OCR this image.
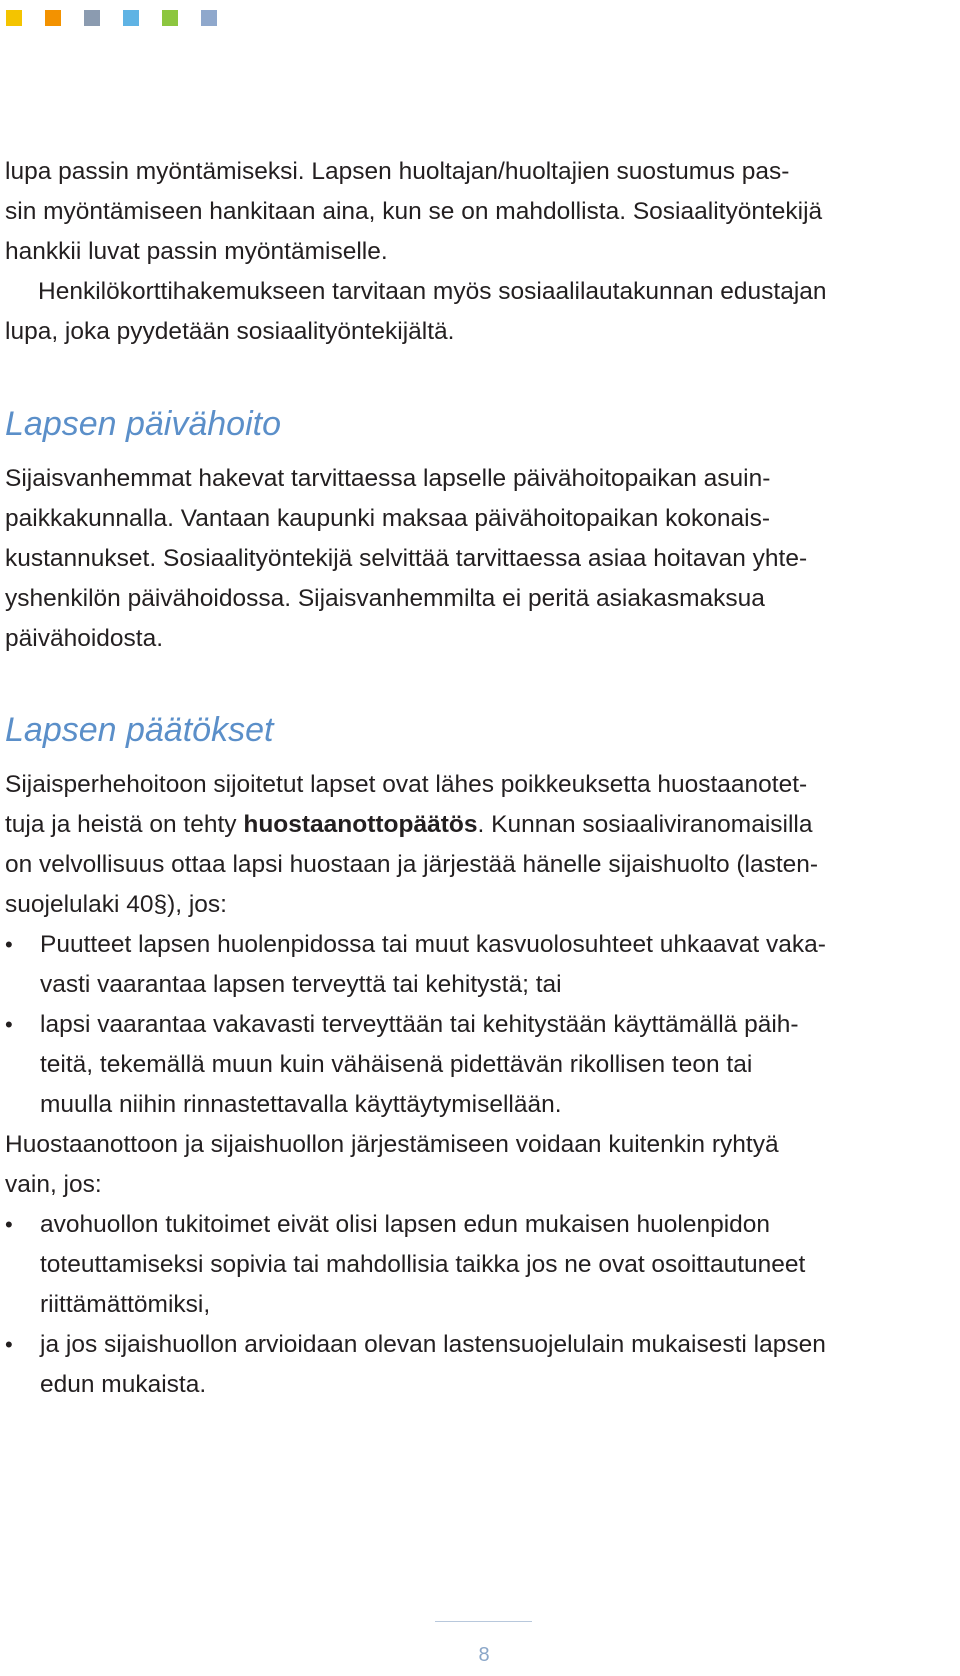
lupa passin myöntämiseksi. Lapsen huoltajan/huoltajien suostumus pas-

sin myöntämiseen hankitaan aina, kun se on mahdollista. Sosiaalityöntekijä

hankkii luvat passin myöntämiselle.

Henkilökorttihakemukseen tarvitaan myös sosiaalilautakunnan edustajan

lupa, joka pyydetään sosiaalityöntekijältä.

Lapsen päivähoito

Sijaisvanhemmat hakevat tarvittaessa lapselle päivähoitopaikan asuin-

paikkakunnalla. Vantaan kaupunki maksaa päivähoitopaikan kokonais-

kustannukset. Sosiaalityöntekijä selvittää tarvittaessa asiaa hoitavan yhte-

yshenkilön päivähoidossa. Sijaisvanhemmilta ei peritä asiakasmaksua

päivähoidosta.

Lapsen päätökset

Sijaisperhehoitoon sijoitetut lapset ovat lähes poikkeuksetta huostaanotet-

tuja ja heistä on tehty huostaanottopäätös. Kunnan sosiaaliviranomaisilla

on velvollisuus ottaa lapsi huostaan ja järjestää hänelle sijaishuolto (lasten-

suojelulaki 40§), jos:

• Puutteet lapsen huolenpidossa tai muut kasvuolosuhteet uhkaavat vaka-

vasti vaarantaa lapsen terveyttä tai kehitystä; tai

• lapsi vaarantaa vakavasti terveyttään tai kehitystään käyttämällä päih-

teitä, tekemällä muun kuin vähäisenä pidettävän rikollisen teon tai

muulla niihin rinnastettavalla käyttäytymisellään.

Huostaanottoon ja sijaishuollon järjestämiseen voidaan kuitenkin ryhtyä

vain, jos:

• avohuollon tukitoimet eivät olisi lapsen edun mukaisen huolenpidon

toteuttamiseksi sopivia tai mahdollisia taikka jos ne ovat osoittautuneet

riittämättömiksi,

• ja jos sijaishuollon arvioidaan olevan lastensuojelulain mukaisesti lapsen

edun mukaista.

8
